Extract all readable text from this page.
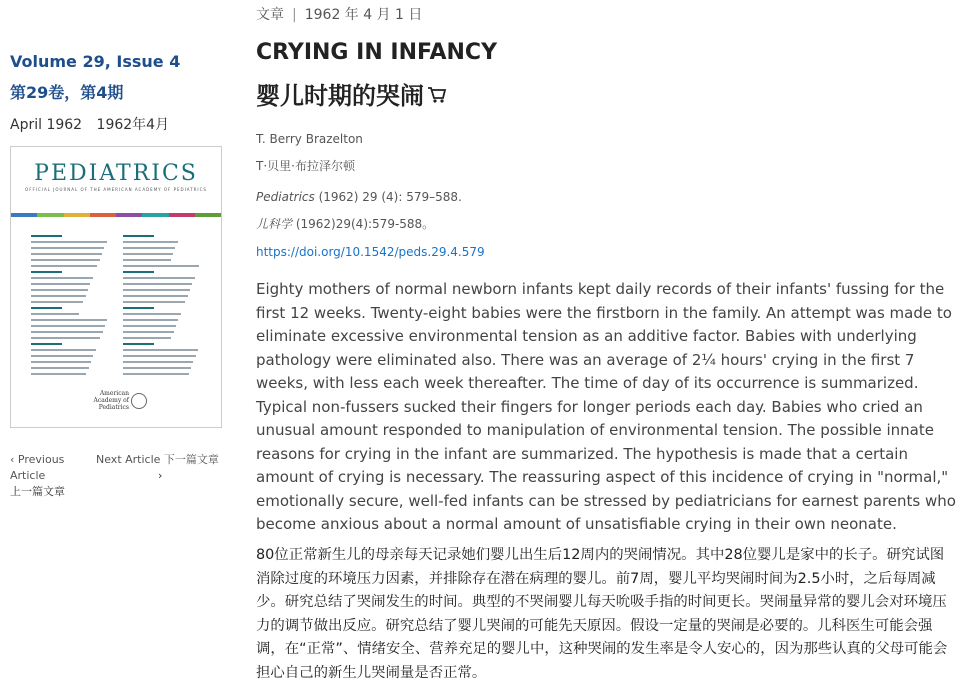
Volume 29, Issue 4
第29卷，第4期
April 1962 1962年4月
PEDIATRICS
OFFICIAL JOURNAL OF THE AMERICAN ACADEMY OF PEDIATRICS
American Academy of Pediatrics
‹ Previous Article
上一篇文章
Next Article 下一篇文章
›
文章 | 1962 年 4 月 1 日
CRYING IN INFANCY
婴儿时期的哭闹
T. Berry Brazelton
T·贝里·布拉泽尔顿
Pediatrics (1962) 29 (4): 579–588.
儿科学 (1962)29(4):579-588。
https://doi.org/10.1542/peds.29.4.579

Eighty mothers of normal newborn infants kept daily records of their infants' fussing for the first 12 weeks. Twenty-eight babies were the firstborn in the family. An attempt was made to eliminate excessive environmental tension as an additive factor. Babies with underlying pathology were eliminated also. There was an average of 2¼ hours' crying in the first 7 weeks, with less each week thereafter. The time of day of its occurrence is summarized. Typical non-fussers sucked their fingers for longer periods each day. Babies who cried an unusual amount responded to manipulation of environmental tension. The possible innate reasons for crying in the infant are summarized. The hypothesis is made that a certain amount of crying is necessary. The reassuring aspect of this incidence of crying in "normal," emotionally secure, well-fed infants can be stressed by pediatricians for earnest parents who become anxious about a normal amount of unsatisfiable crying in their own neonate.

80位正常新生儿的母亲每天记录她们婴儿出生后12周内的哭闹情况。其中28位婴儿是家中的长子。研究试图消除过度的环境压力因素，并排除存在潜在病理的婴儿。前7周，婴儿平均哭闹时间为2.5小时，之后每周减少。研究总结了哭闹发生的时间。典型的不哭闹婴儿每天吮吸手指的时间更长。哭闹量异常的婴儿会对环境压力的调节做出反应。研究总结了婴儿哭闹的可能先天原因。假设一定量的哭闹是必要的。儿科医生可能会强调，在“正常”、情绪安全、营养充足的婴儿中，这种哭闹的发生率是令人安心的，因为那些认真的父母可能会担心自己的新生儿哭闹量是否正常。
